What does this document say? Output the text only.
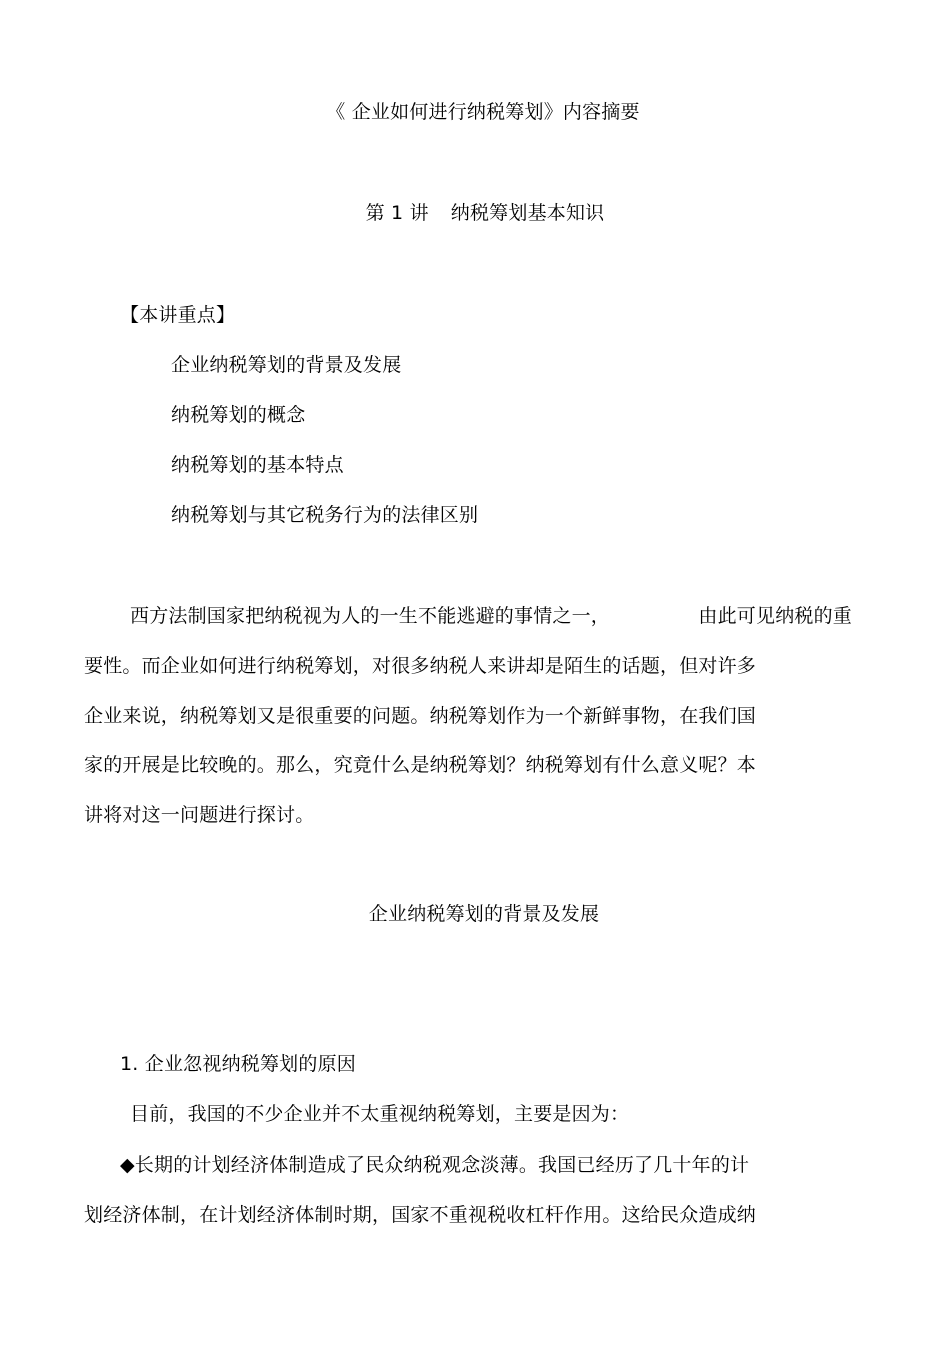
《 企业如何进行纳税筹划》内容摘要
第 1 讲 纳税筹划基本知识
【本讲重点】
企业纳税筹划的背景及发展
纳税筹划的概念
纳税筹划的基本特点
纳税筹划与其它税务行为的法律区别
西方法制国家把纳税视为人的一生不能逃避的事情之一，	由此可见纳税的重
要性。而企业如何进行纳税筹划，对很多纳税人来讲却是陌生的话题，但对许多
企业来说，纳税筹划又是很重要的问题。纳税筹划作为一个新鲜事物，在我们国
家的开展是比较晚的。那么，究竟什么是纳税筹划？纳税筹划有什么意义呢？本
讲将对这一问题进行探讨。
企业纳税筹划的背景及发展
1. 企业忽视纳税筹划的原因
目前，我国的不少企业并不太重视纳税筹划，主要是因为：
◆长期的计划经济体制造成了民众纳税观念淡薄。我国已经历了几十年的计
划经济体制，在计划经济体制时期，国家不重视税收杠杆作用。这给民众造成纳
